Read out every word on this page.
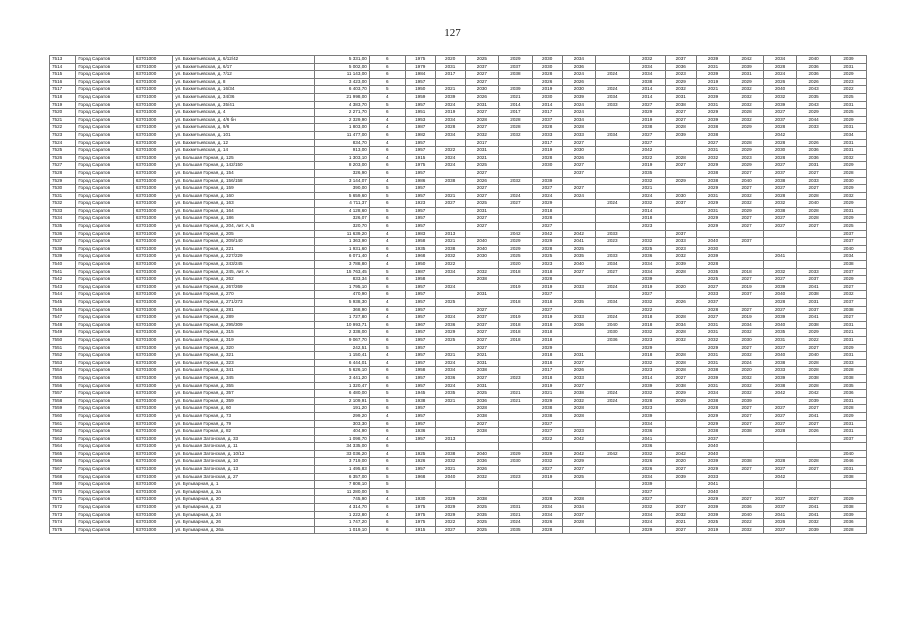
127
7513	Город Саратов	63701000	ул. Бахметьевская, д. 6/12/42	5 331,00	6	1975	2020	2025	2029	2030	2034		2032	2037	2039	2042	2034	2040	2039
7514	Город Саратов	63701000	ул. Бахметьевская, д. 6/17	5 002,00	6	1979	2031	2037	2037	2030	2036		2034	2036	2031	2039	2028	2036	2031
7515	Город Саратов	63701000	ул. Бахметьевская, д. 7/12	11 143,00	6	1984	2017	2027	2038	2028	2024	2024	2034	2023	2039	2031	2024	2036	2029
7516	Город Саратов	63701000	ул. Бахметьевская, д. 8	3 423,00	6	1957		2027		2026	2026		2038	2029	2019	2029	2026	2026	2023
7517	Город Саратов	63701000	ул. Бахметьевская, д. 16/34	6 403,70	5	1950	2021	2030	2039	2019	2030	2024	2014	2032	2021	2032	2040	2043	2022
7518	Город Саратов	63701000	ул. Бахметьевская, д. 34/36	21 998,00	4	1959	2039	2026	2021	2030	2039	2034	2014	2031	2039	2032	2032	2035	2025
7519	Город Саратов	63701000	ул. Бахметьевская, д. 35/41	4 383,70	5	1957	2024	2031	2014	2014	2024	2033	2027	2038	2031	2032	2039	2043	2031
7520	Город Саратов	63701000	ул. Бахметьевская, д. 4	2 271,70	6	1951	2019	2027	2017	2017	2024		2029	2027	2029	2028	2027	2029	2025
7521	Город Саратов	63701000	ул. Бахметьевская, д. 4/6 бн	2 329,90	4	1953	2034	2028	2028	2037	2034		2019	2027	2039	2032	2037	2044	2029
7522	Город Саратов	63701000	ул. Бахметьевская, д. 9/6	1 803,00	4	1987	2028	2027	2028	2028	2028		2038	2028	2038	2029	2028	2033	2031
7523	Город Саратов	63701000	ул. Бахметьевская, д. 101	11 477,00	6	1982	2034	2032	2032	2033	2033	2034	2027	2039	2038		2042		2034
7524	Город Саратов	63701000	ул. Бахметьевская, д. 12	834,70	4	1957		2017		2017	2027		2027		2027	2028	2028	2026	2031
7525	Город Саратов	63701000	ул. Бахметьевская, д. 14	913,00	6	1957	2022	2031		2019	2030		2042		2031	2029	2030	2036	2031
7526	Город Саратов	63701000	ул. Большая Горная, д. 125	1 303,10	4	1915	2024	2021		2028	2026		2022	2028	2032	2023	2028	2036	2032
7527	Город Саратов	63701000	ул. Большая Горная, д. 142/150	8 203,00	6	1975	2024	2025		2030	2027		2019	2027	2029	2029	2027	2031	2029
7528	Город Саратов	63701000	ул. Большая Горная, д. 154	326,90	6	1957		2027			2037		2035		2038	2027	2037	2027	2028
7529	Город Саратов	63701000	ул. Большая Горная, д. 156/158	3 144,07	4	1986	2038	2026	2032	2039			2032	2029	2038	2040	2038	2033	2030
7530	Город Саратов	63701000	ул. Большая Горная, д. 159	390,00	5	1957		2027		2027	2027		2021		2029	2027	2027	2027	2029
7531	Город Саратов	63701000	ул. Большая Горная, д. 160	5 659,60	5	1957	2021	2027	2024	2024	2024		2024	2030	2031	2032	2028	2028	2032
7532	Город Саратов	63701000	ул. Большая Горная, д. 163	4 711,37	6	1923	2027	2025	2027	2029		2024	2032	2037	2029	2032	2032	2040	2029
7533	Город Саратов	63701000	ул. Большая Горная, д. 164	4 128,60	5	1957		2031		2018			2014		2031	2029	2038	2028	2031
7534	Город Саратов	63701000	ул. Большая Горная, д. 186	326,07	6	1957		2027		2028			2018		2029	2027	2027	2028	2029
7535	Город Саратов	63701000	ул. Большая Горная, д. 204, лит. А, Б	320,70	6	1957		2027		2027			2023		2029	2027	2027	2027	2025
7536	Город Саратов	63701000	ул. Большая Горная, д. 205	11 639,20	4	1983	2013		2042	2042	2042	2033		2037					2037
7537	Город Саратов	63701000	ул. Большая Горная, д. 209/140	1 363,90	4	1958	2021	2040	2029	2029	2041	2023	2032	2033	2040	2037			2037
7538	Город Саратов	63701000	ул. Большая Горная, д. 221	1 931,60	6	1935	2038	2040	2029	2028	2025		2025	2023	2030				2040
7539	Город Саратов	63701000	ул. Большая Горная, д. 227/229	6 071,40	4	1968	2032	2030	2025	2025	2035	2033	2036	2032	2039		2041		2034
7540	Город Саратов	63701000	ул. Большая Горная, д. 243/245	3 788,80	4	1950	2022		2020	2023	2040	2034	2034	2039	2028				2038
7541	Город Саратов	63701000	ул. Большая Горная, д. 245, лит. А	15 763,45	5	1987	2034	2032	2018	2018	2027	2027	2034	2028	2035	2018	2032	2033	2037
7542	Город Саратов	63701000	ул. Большая Горная, д. 262	833,34	6	1958		2038		2028			2039		2025	2027	2027	2037	2029
7543	Город Саратов	63701000	ул. Большая Горная, д. 267/269	1 795,10	6	1957	2024		2019	2019	2033	2024	2019	2020	2027	2019	2039	2041	2027
7544	Город Саратов	63701000	ул. Большая Горная, д. 270	470,90	6	1957		2031		2027			2027		2033	2037	2040	2038	2032
7545	Город Саратов	63701000	ул. Большая Горная, д. 271/273	5 938,30	4	1957	2025		2018	2018	2035	2034	2032	2026	2037		2028	2031	2037
7546	Город Саратов	63701000	ул. Большая Горная, д. 281	368,90	6	1957		2027		2027			2022		2028	2027	2027	2037	2038
7547	Город Саратов	63701000	ул. Большая Горная, д. 289	1 727,80	4	1957	2024	2037	2019	2019	2033	2024	2018	2028	2027	2019	2039	2041	2027
7548	Город Саратов	63701000	ул. Большая Горная, д. 295/309	10 993,71	6	1967	2036	2037	2018	2018	2036	2040	2018	2034	2031	2034	2040	2038	2031
7549	Город Саратов	63701000	ул. Большая Горная, д. 315	2 338,00	6	1957	2029	2027	2018	2018		2030	2032	2028	2031	2032	2035	2029	2021
7550	Город Саратов	63701000	ул. Большая Горная, д. 319	9 067,70	6	1957	2025	2027	2018	2018		2036	2023	2032	2032	2030	2031	2022	2031
7551	Город Саратов	63701000	ул. Большая Горная, д. 320	242,51	5	1957		2027		2029			2029		2029	2027	2027	2027	2029
7552	Город Саратов	63701000	ул. Большая Горная, д. 321	1 150,41	4	1957	2021	2021		2018	2031		2018	2028	2031	2032	2040	2040	2031
7553	Город Саратов	63701000	ул. Большая Горная, д. 323	6 444,01	4	1957	2024	2031		2018	2027		2032	2028	2031	2024	2038	2028	2033
7554	Город Саратов	63701000	ул. Большая Горная, д. 341	5 626,10	6	1958	2034	2038		2017	2026		2023	2028	2038	2020	2033	2028	2028
7555	Город Саратов	63701000	ул. Большая Горная, д. 345	3 441,20	6	1957	2036	2027	2023	2018	2033		2014	2027	2039	2032	2039	2038	2038
7556	Город Саратов	63701000	ул. Большая Горная, д. 355	1 320,47	6	1957	2024	2031		2019	2027		2039	2038	2031	2032	2038	2028	2035
7557	Город Саратов	63701000	ул. Большая Горная, д. 357	6 480,00	5	1945	2035	2025	2021	2021	2038	2024	2032	2029	2034	2032	2042	2042	2036
7558	Город Саратов	63701000	ул. Большая Горная, д. 359	2 109,91	5	1938	2021	2036	2021	2029	2032	2024	2028	2029	2038	2039		2039	2031
7559	Город Саратов	63701000	ул. Большая Горная, д. 60	191,20	6	1957		2028		2038	2028		2023		2028	2027	2027	2027	2028
7560	Город Саратов	63701000	ул. Большая Горная, д. 73	299,20	4	1957		2038		2038	2028		2039		2029	2027	2027	2041	2029
7561	Город Саратов	63701000	ул. Большая Горная, д. 79	303,30	6	1957		2027		2027			2034		2029	2027	2027	2027	2031
7562	Город Саратов	63701000	ул. Большая Горная, д. 82	404,90	6	1936		2038		2027	2023		2036		2038	2038	2028	2026	2031
7563	Город Саратов	63701000	ул. Большая Затонская, д. 33	1 098,70	4	1957	2013			2022	2042		2041		2037				2037
7564	Город Саратов	63701000	ул. Большая Затонская, д. 11	34 335,00	6								2036		2040				
7565	Город Саратов	63701000	ул. Большая Затонская, д. 10/12	33 036,20	4	1925	2038	2040	2029	2029	2042	2042	2032	2042	2040				2040
7566	Город Саратов	63701000	ул. Большая Затонская, д. 10	3 719,00	6	1926	2032	2036	2030	2032	2029		2026	2020	2039	2038	2028	2028	2046
7567	Город Саратов	63701000	ул. Большая Затонская, д. 13	1 495,83	6	1957	2021	2026		2027	2027		2026	2027	2029	2027	2027	2027	2031
7568	Город Саратов	63701000	ул. Большая Затонская, д. 27	6 357,00	5	1968	2040	2032	2023	2019	2025		2034	2039	2033		2042		2038
7569	Город Саратов	63701000	ул. Бульварная, д. 1	7 808,10	5								2039		2041				
7570	Город Саратов	63701000	ул. Бульварная, д. 2а	11 280,00	5								2027		2040				
7571	Город Саратов	63701000	ул. Бульварная, д. 20	745,90	4	1930	2029	2038		2028	2028		2027		2029	2027	2027	2027	2029
7572	Город Саратов	63701000	ул. Бульварная, д. 23	4 314,70	6	1975	2029	2025	2031	2034	2034		2032	2037	2039	2036	2037	2041	2038
7573	Город Саратов	63701000	ул. Бульварная, д. 24	1 222,80	4	1975	2029	2035	2021	2034	2037		2034	2032	2039	2040	2041	2041	2039
7574	Город Саратов	63701000	ул. Бульварная, д. 26	1 747,20	6	1975	2022	2025	2024	2026	2028		2024	2021	2025	2022	2026	2032	2036
7575	Город Саратов	63701000	ул. Бульварная, д. 26а	1 019,10	6	1915	2027	2025	2035	2028			2029	2027	2019	2032	2027	2039	2028
